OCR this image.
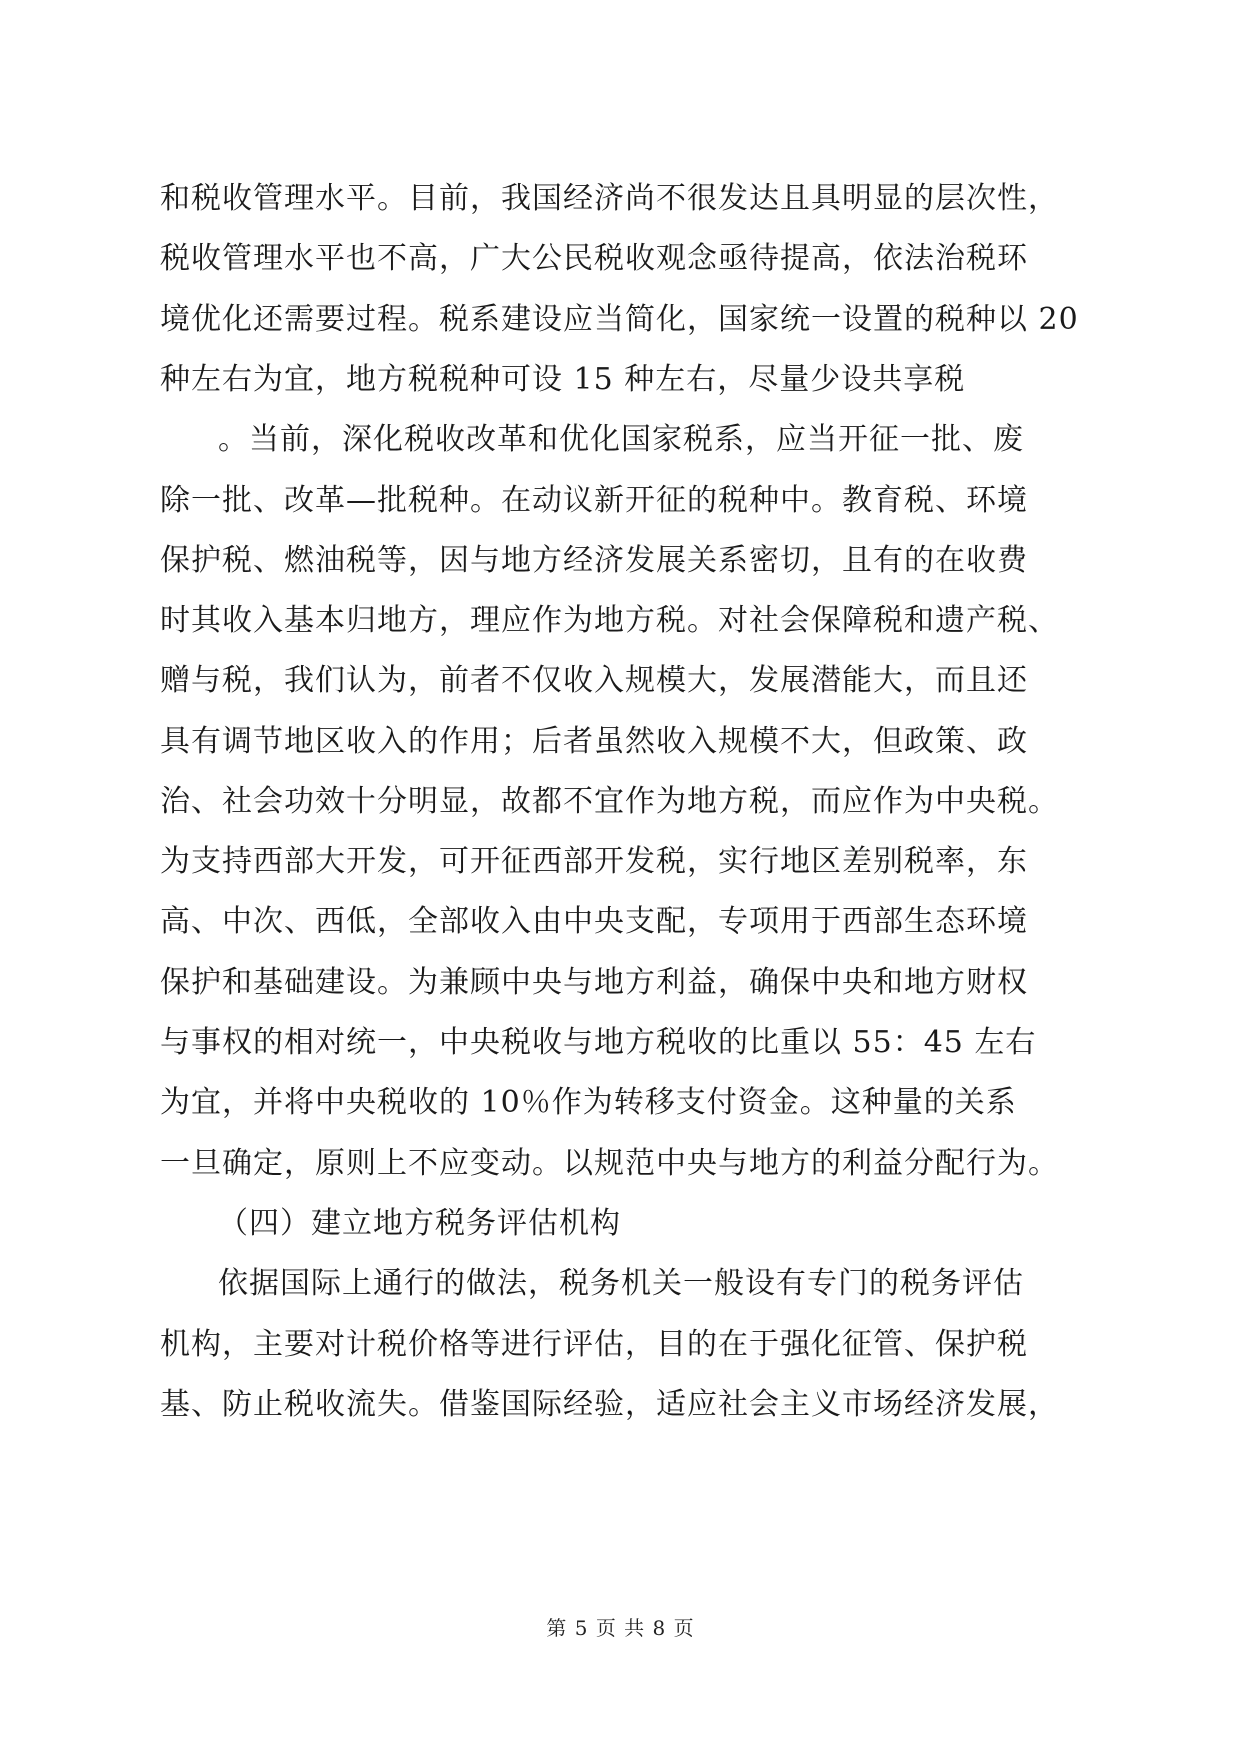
和税收管理水平。目前，我国经济尚不很发达且具明显的层次性，
税收管理水平也不高，广大公民税收观念亟待提高，依法治税环
境优化还需要过程。税系建设应当简化，国家统一设置的税种以 20
种左右为宜，地方税税种可设 15 种左右，尽量少设共享税
。当前，深化税收改革和优化国家税系，应当开征一批、废
除一批、改革—批税种。在动议新开征的税种中。教育税、环境
保护税、燃油税等，因与地方经济发展关系密切，且有的在收费
时其收入基本归地方，理应作为地方税。对社会保障税和遗产税、
赠与税，我们认为，前者不仅收入规模大，发展潜能大，而且还
具有调节地区收入的作用；后者虽然收入规模不大，但政策、政
治、社会功效十分明显，故都不宜作为地方税，而应作为中央税。
为支持西部大开发，可开征西部开发税，实行地区差别税率，东
高、中次、西低，全部收入由中央支配，专项用于西部生态环境
保护和基础建设。为兼顾中央与地方利益，确保中央和地方财权
与事权的相对统一，中央税收与地方税收的比重以 55：45 左右
为宜，并将中央税收的 10％作为转移支付资金。这种量的关系
一旦确定，原则上不应变动。以规范中央与地方的利益分配行为。
（四）建立地方税务评估机构
依据国际上通行的做法，税务机关一般设有专门的税务评估
机构，主要对计税价格等进行评估，目的在于强化征管、保护税
基、防止税收流失。借鉴国际经验，适应社会主义市场经济发展，
第 5 页 共 8 页
